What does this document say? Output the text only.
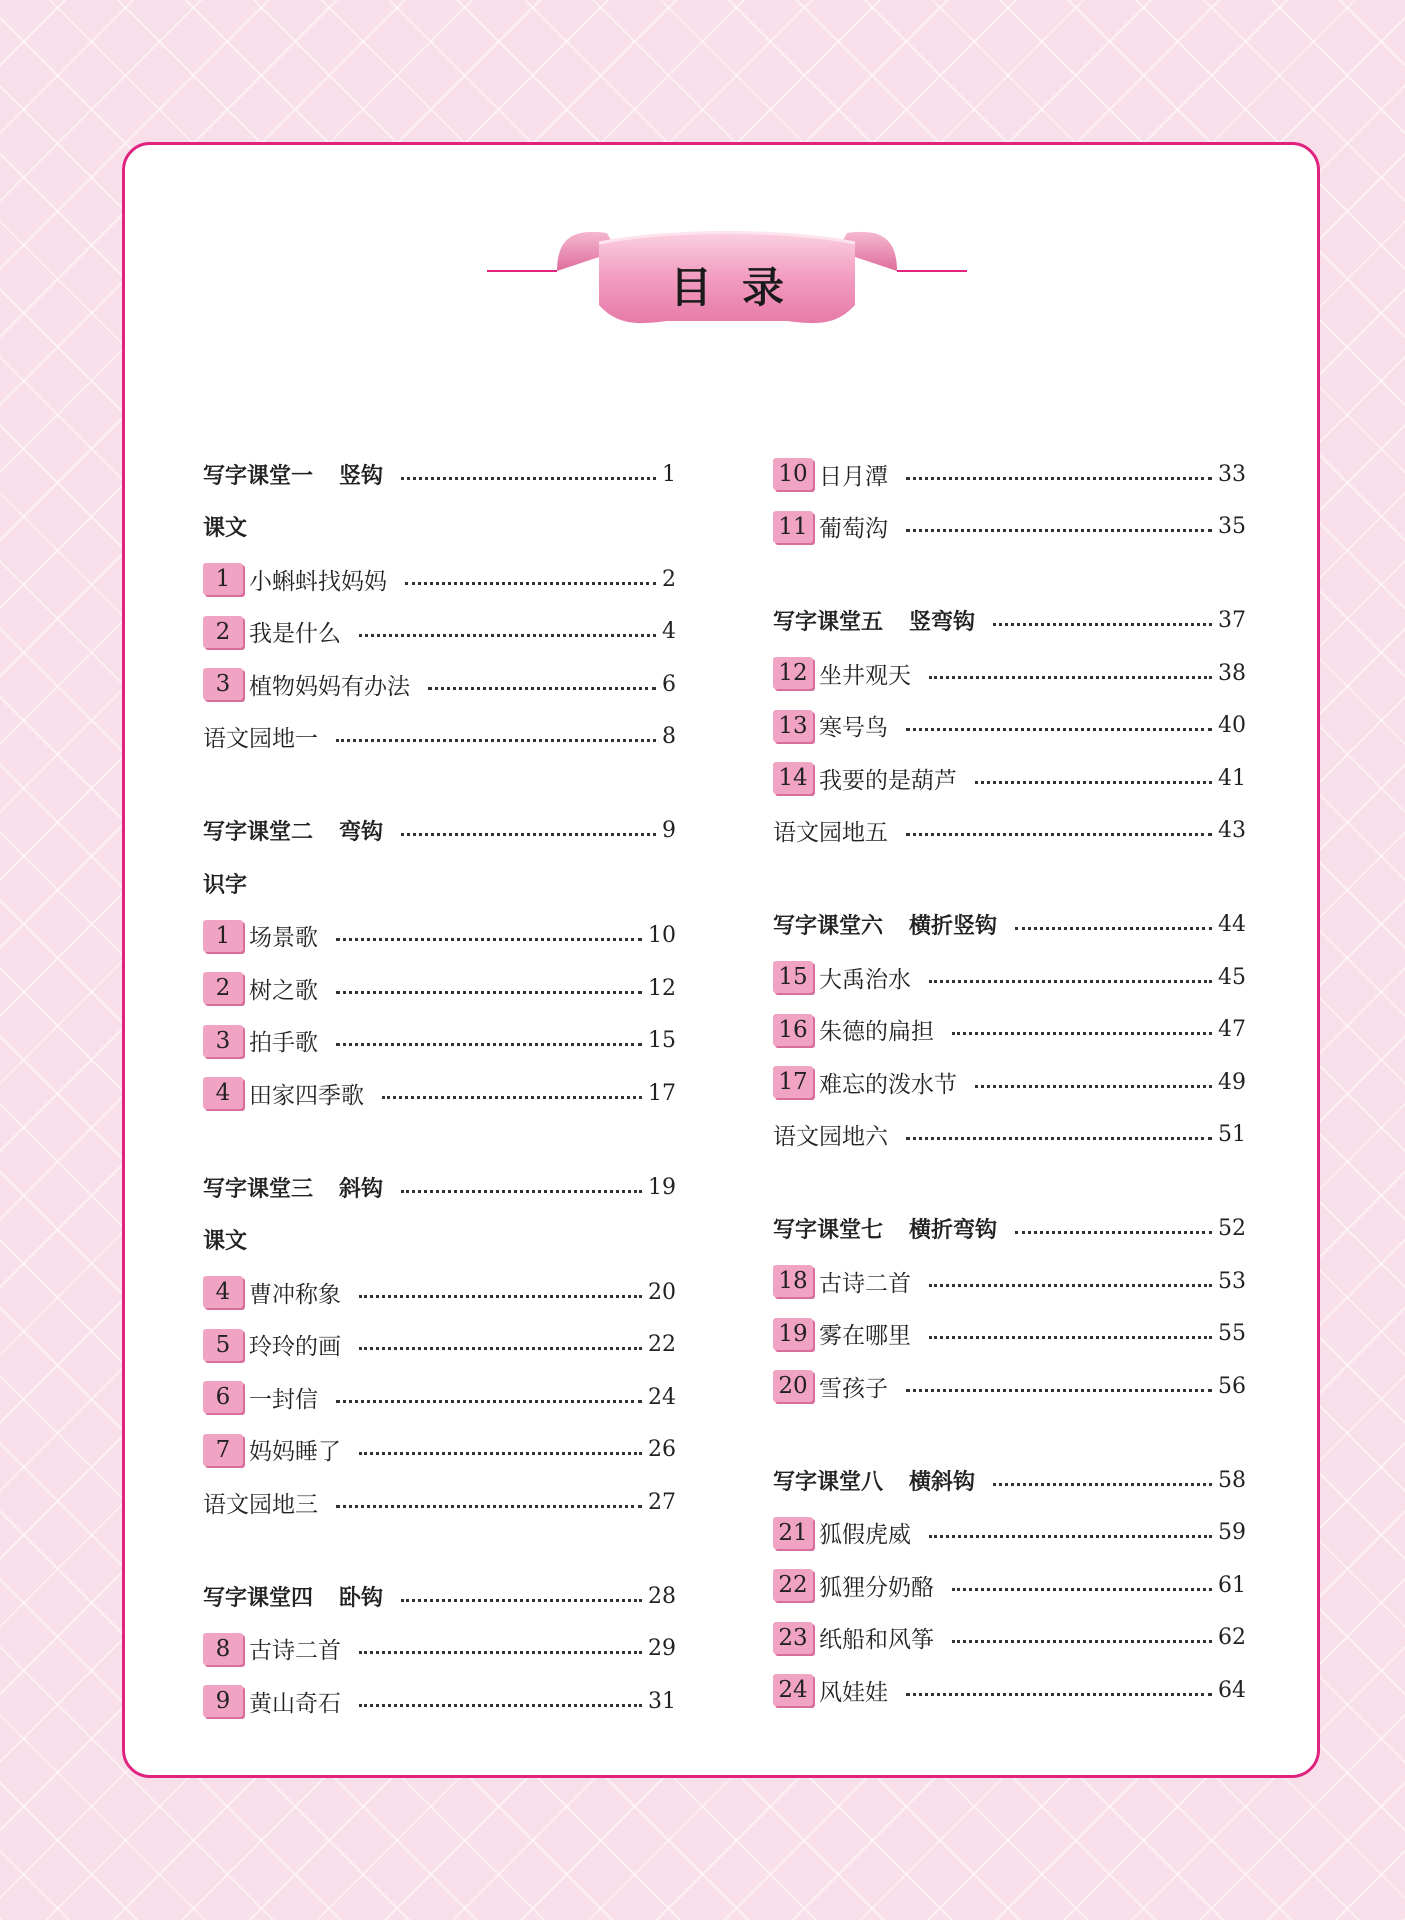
目录
写字课堂一 竖钩	1
课文
1 小蝌蚪找妈妈	2
2 我是什么	4
3 植物妈妈有办法	6
语文园地一	8
写字课堂二 弯钩	9
识字
1 场景歌	10
2 树之歌	12
3 拍手歌	15
4 田家四季歌	17
写字课堂三 斜钩	19
课文
4 曹冲称象	20
5 玲玲的画	22
6 一封信	24
7 妈妈睡了	26
语文园地三	27
写字课堂四 卧钩	28
8 古诗二首	29
9 黄山奇石	31
10 日月潭	33
11 葡萄沟	35
写字课堂五 竖弯钩	37
12 坐井观天	38
13 寒号鸟	40
14 我要的是葫芦	41
语文园地五	43
写字课堂六 横折竖钩	44
15 大禹治水	45
16 朱德的扁担	47
17 难忘的泼水节	49
语文园地六	51
写字课堂七 横折弯钩	52
18 古诗二首	53
19 雾在哪里	55
20 雪孩子	56
写字课堂八 横斜钩	58
21 狐假虎威	59
22 狐狸分奶酪	61
23 纸船和风筝	62
24 风娃娃	64
